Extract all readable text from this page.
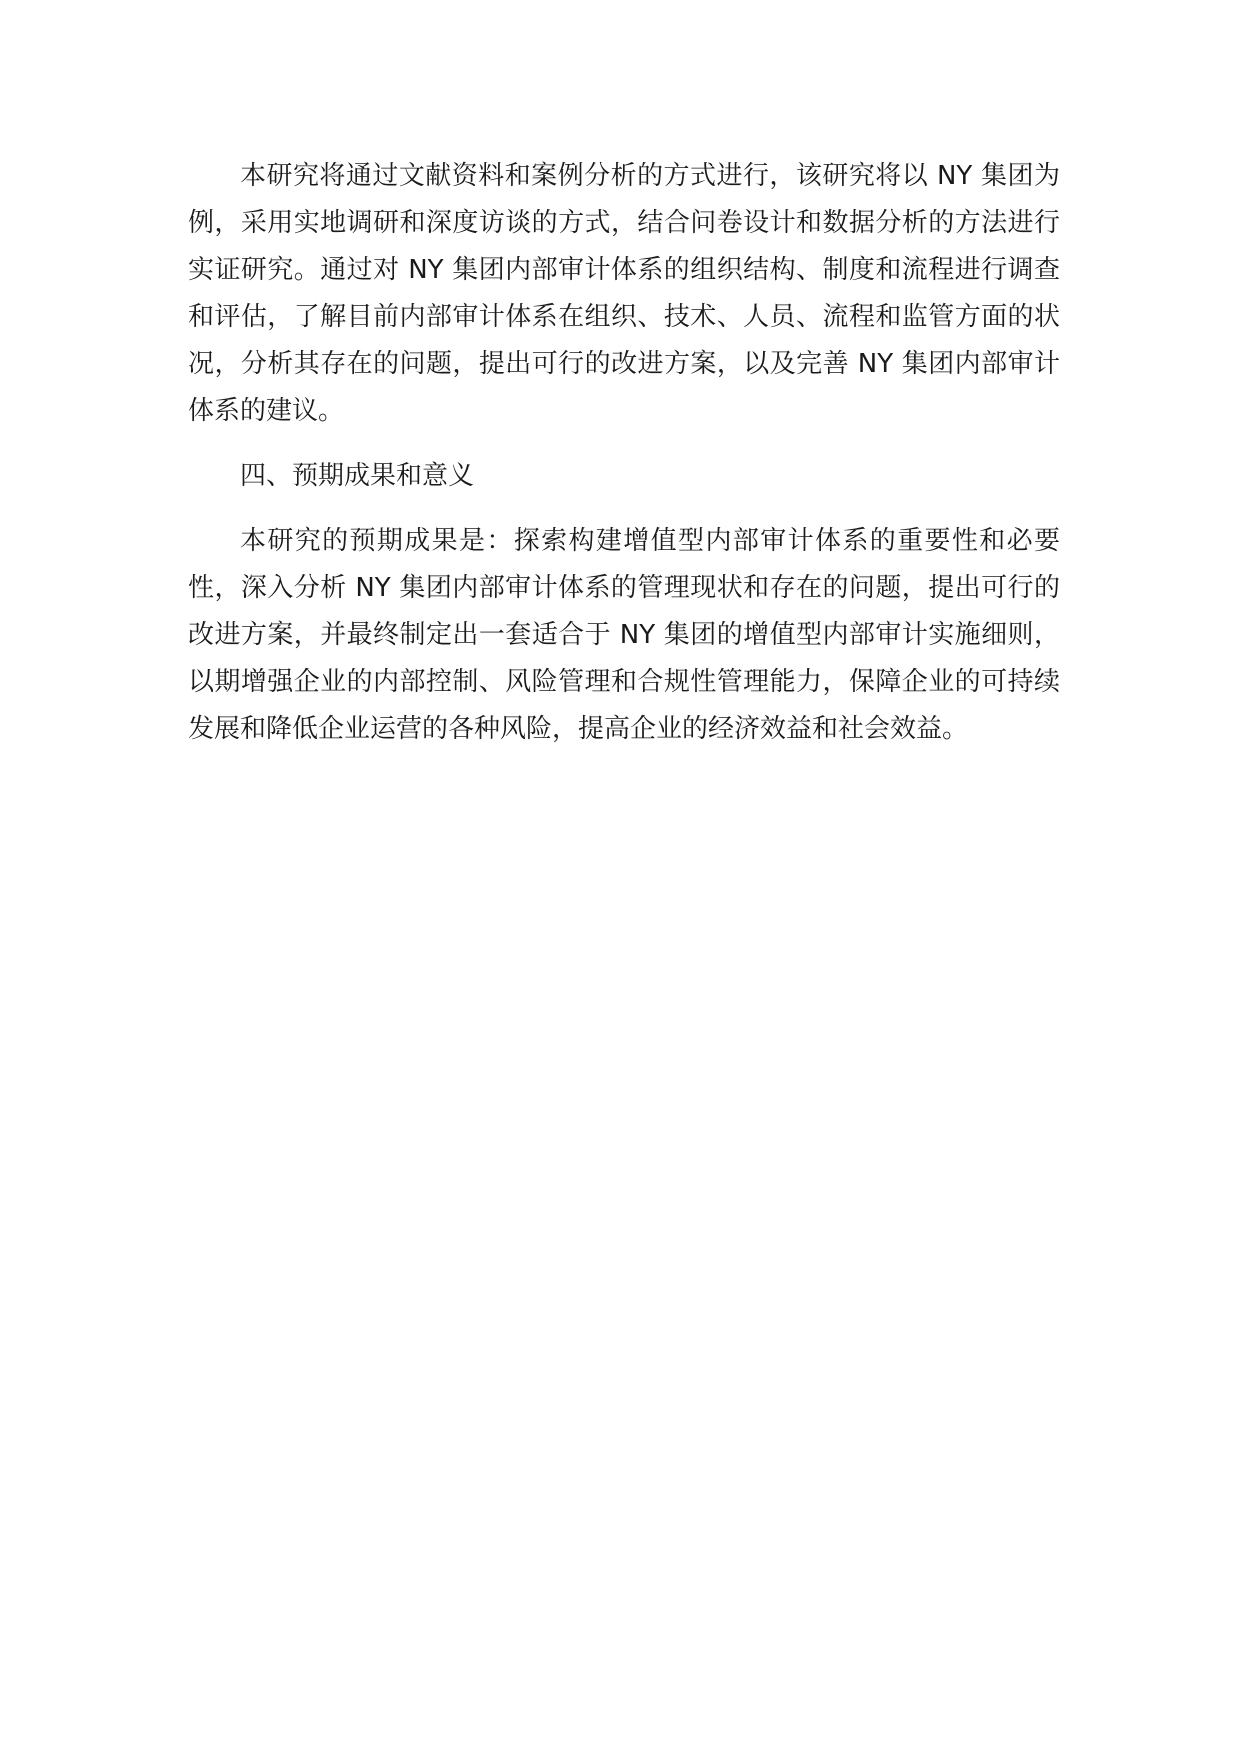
本研究将通过文献资料和案例分析的方式进行，该研究将以 NY 集团为例，采用实地调研和深度访谈的方式，结合问卷设计和数据分析的方法进行实证研究。通过对 NY 集团内部审计体系的组织结构、制度和流程进行调查和评估，了解目前内部审计体系在组织、技术、人员、流程和监管方面的状况，分析其存在的问题，提出可行的改进方案，以及完善 NY 集团内部审计体系的建议。

四、预期成果和意义

本研究的预期成果是：探索构建增值型内部审计体系的重要性和必要性，深入分析 NY 集团内部审计体系的管理现状和存在的问题，提出可行的改进方案，并最终制定出一套适合于 NY 集团的增值型内部审计实施细则，以期增强企业的内部控制、风险管理和合规性管理能力，保障企业的可持续发展和降低企业运营的各种风险，提高企业的经济效益和社会效益。
